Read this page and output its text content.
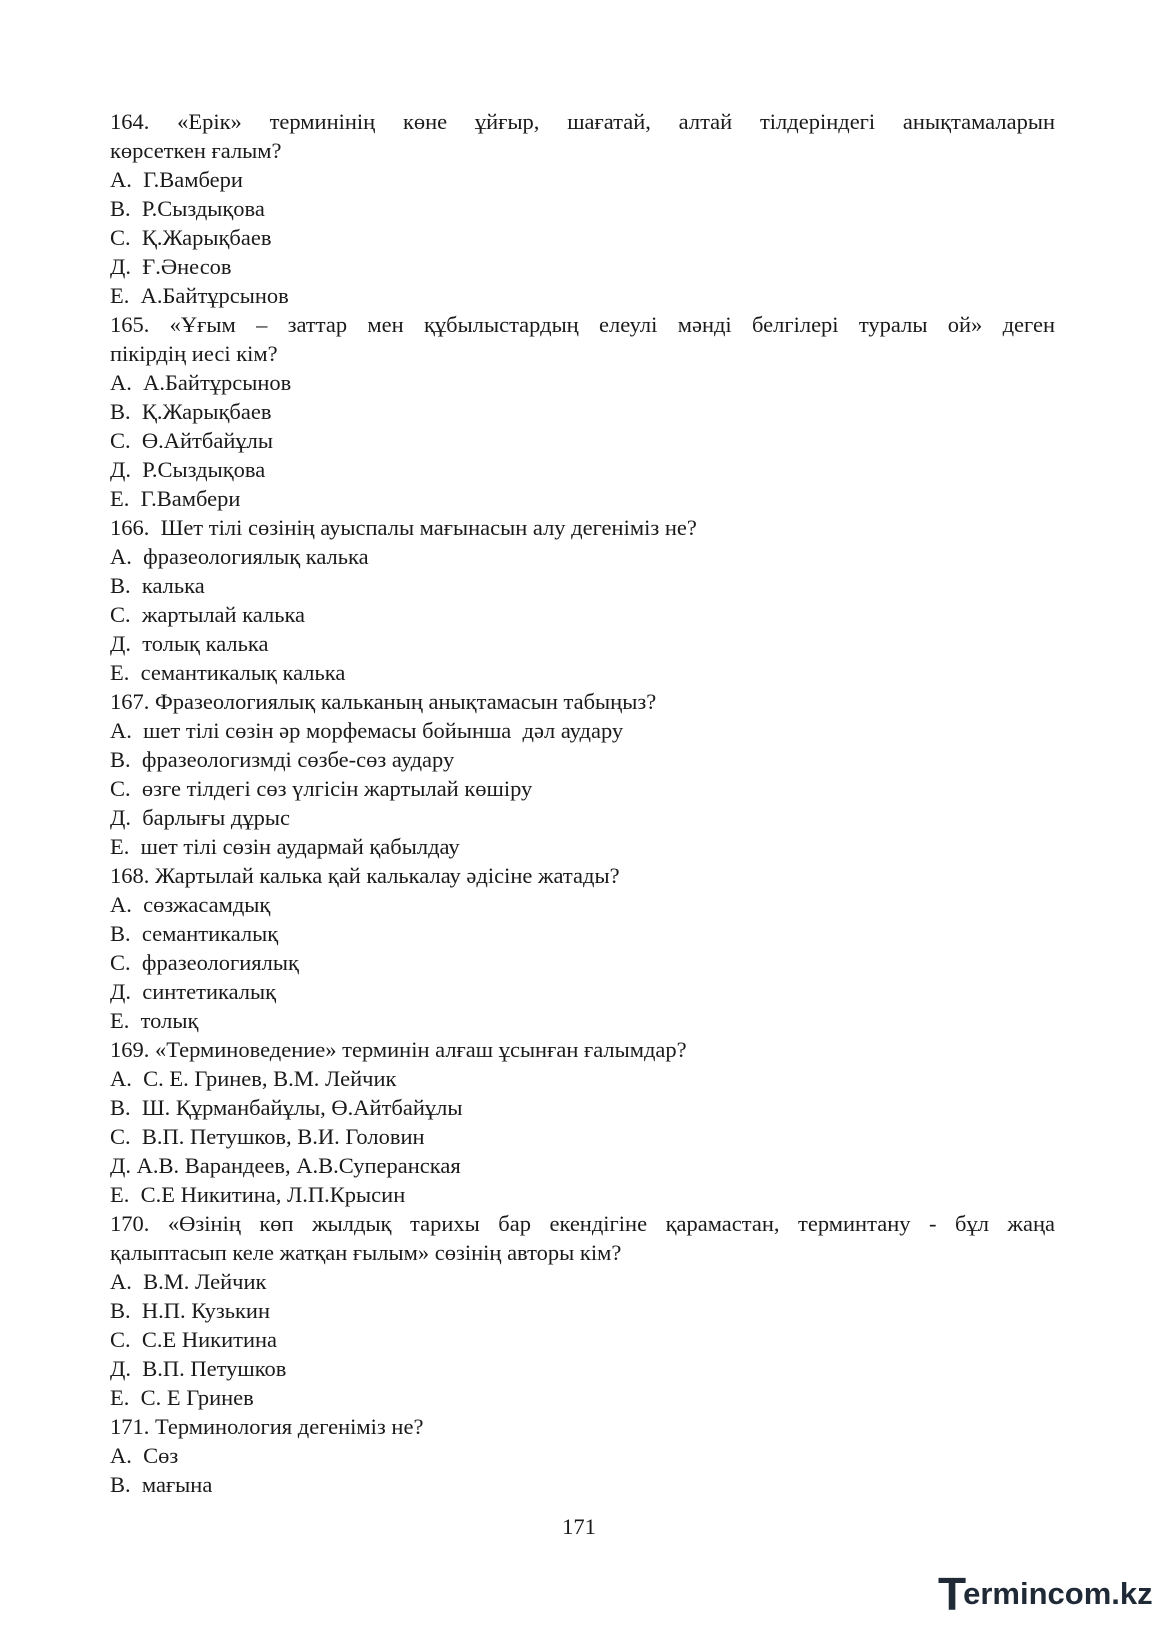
164. «Ерік» терминінің көне ұйғыр, шағатай, алтай тілдеріндегі анықтамаларын
көрсеткен ғалым?
А.  Г.Вамбери
В.  Р.Сыздықова
С.  Қ.Жарықбаев
Д.  Ғ.Әнесов
Е.  А.Байтұрсынов
165. «Ұғым – заттар мен құбылыстардың елеулі мәнді белгілері туралы ой» деген
пікірдің иесі кім?
А.  А.Байтұрсынов
В.  Қ.Жарықбаев
С.  Ө.Айтбайұлы
Д.  Р.Сыздықова
Е.  Г.Вамбери
166.  Шет тілі сөзінің ауыспалы мағынасын алу дегеніміз не?
А.  фразеологиялық калька
В.  калька
С.  жартылай калька
Д.  толық калька
Е.  семантикалық калька
167. Фразеологиялық кальканың анықтамасын табыңыз?
А.  шет тілі сөзін әр морфемасы бойынша  дәл аудару
В.  фразеологизмді сөзбе-сөз аудару
С.  өзге тілдегі сөз үлгісін жартылай көшіру
Д.  барлығы дұрыс
Е.  шет тілі сөзін аудармай қабылдау
168. Жартылай калька қай калькалау әдісіне жатады?
А.  сөзжасамдық
В.  семантикалық
С.  фразеологиялық
Д.  синтетикалық
Е.  толық
169. «Терминоведение» терминін алғаш ұсынған ғалымдар?
А.  С. Е. Гринев, В.М. Лейчик
В.  Ш. Құрманбайұлы, Ө.Айтбайұлы
С.  В.П. Петушков, В.И. Головин
Д. А.В. Варандеев, А.В.Суперанская
Е.  С.Е Никитина, Л.П.Крысин
170. «Өзінің көп жылдық тарихы бар екендігіне қарамастан, терминтану - бұл жаңа
қалыптасып келе жатқан ғылым» сөзінің авторы кім?
А.  В.М. Лейчик
В.  Н.П. Кузькин
С.  С.Е Никитина
Д.  В.П. Петушков
Е.  С. Е Гринев
171. Терминология дегеніміз не?
А.  Сөз
В.  мағына
171
T
ermincom.kz
